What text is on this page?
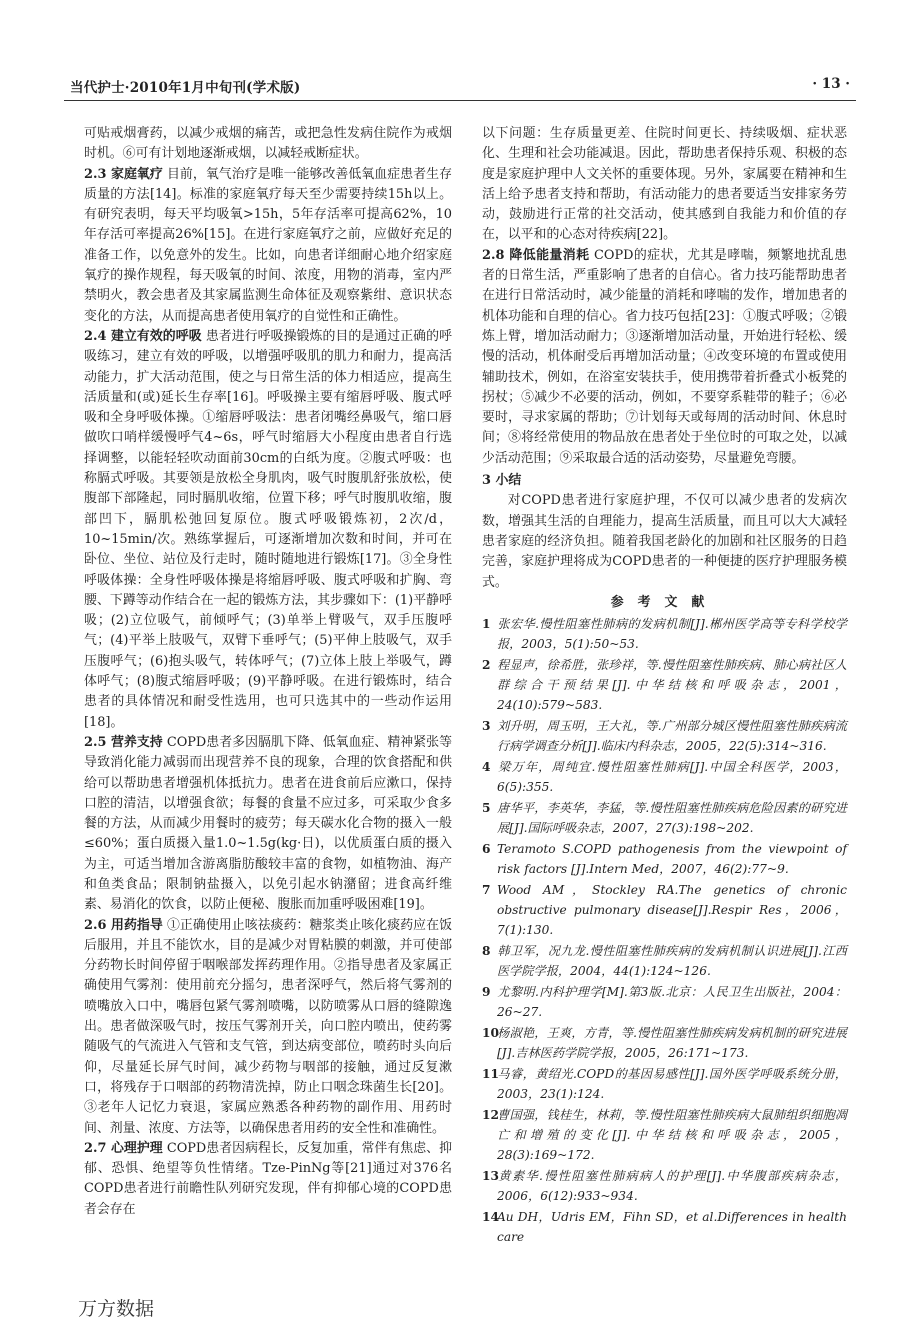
当代护士·2010年1月中旬刊(学术版)	· 13 ·

可贴戒烟膏药，以减少戒烟的痛苦，或把急性发病住院作为戒烟时机。⑥可有计划地逐渐戒烟，以减轻戒断症状。

2.3 家庭氧疗 目前，氧气治疗是唯一能够改善低氧血症患者生存质量的方法[14]。标准的家庭氧疗每天至少需要持续15h以上。有研究表明，每天平均吸氧>15h，5年存活率可提高62%，10年存活可率提高26%[15]。在进行家庭氧疗之前，应做好充足的准备工作，以免意外的发生。比如，向患者详细耐心地介绍家庭氧疗的操作规程，每天吸氧的时间、浓度，用物的消毒，室内严禁明火，教会患者及其家属监测生命体征及观察紫绀、意识状态变化的方法，从而提高患者使用氧疗的自觉性和正确性。

2.4 建立有效的呼吸 患者进行呼吸操锻炼的目的是通过正确的呼吸练习，建立有效的呼吸，以增强呼吸肌的肌力和耐力，提高活动能力，扩大活动范围，使之与日常生活的体力相适应，提高生活质量和(或)延长生存率[16]。呼吸操主要有缩唇呼吸、腹式呼吸和全身呼吸体操。①缩唇呼吸法：患者闭嘴经鼻吸气，缩口唇做吹口哨样缓慢呼气4~6s，呼气时缩唇大小程度由患者自行选择调整，以能轻轻吹动面前30cm的白纸为度。②腹式呼吸：也称膈式呼吸。其要领是放松全身肌肉，吸气时腹肌舒张放松，使腹部下部隆起，同时膈肌收缩，位置下移；呼气时腹肌收缩，腹部凹下，膈肌松弛回复原位。腹式呼吸锻炼初，2次/d，10~15min/次。熟练掌握后，可逐渐增加次数和时间，并可在卧位、坐位、站位及行走时，随时随地进行锻炼[17]。③全身性呼吸体操：全身性呼吸体操是将缩唇呼吸、腹式呼吸和扩胸、弯腰、下蹲等动作结合在一起的锻炼方法，其步骤如下：(1)平静呼吸；(2)立位吸气，前倾呼气；(3)单举上臂吸气，双手压腹呼气；(4)平举上肢吸气，双臂下垂呼气；(5)平伸上肢吸气，双手压腹呼气；(6)抱头吸气，转体呼气；(7)立体上肢上举吸气，蹲体呼气；(8)腹式缩唇呼吸；(9)平静呼吸。在进行锻炼时，结合患者的具体情况和耐受性选用，也可只选其中的一些动作运用[18]。

2.5 营养支持 COPD患者多因膈肌下降、低氧血症、精神紧张等导致消化能力减弱而出现营养不良的现象，合理的饮食搭配和供给可以帮助患者增强机体抵抗力。患者在进食前后应漱口，保持口腔的清洁，以增强食欲；每餐的食量不应过多，可采取少食多餐的方法，从而减少用餐时的疲劳；每天碳水化合物的摄入一般≤60%；蛋白质摄入量1.0~1.5g(kg·日)，以优质蛋白质的摄入为主，可适当增加含游离脂肪酸较丰富的食物，如植物油、海产和鱼类食品；限制钠盐摄入，以免引起水钠潴留；进食高纤维素、易消化的饮食，以防止便秘、腹胀而加重呼吸困难[19]。

2.6 用药指导 ①正确使用止咳祛痰药：糖浆类止咳化痰药应在饭后服用，并且不能饮水，目的是减少对胃粘膜的刺激，并可使部分药物长时间停留于咽喉部发挥药理作用。②指导患者及家属正确使用气雾剂：使用前充分摇匀，患者深呼气，然后将气雾剂的喷嘴放入口中，嘴唇包紧气雾剂喷嘴，以防喷雾从口唇的缝隙逸出。患者做深吸气时，按压气雾剂开关，向口腔内喷出，使药雾随吸气的气流进入气管和支气管，到达病变部位，喷药时头向后仰，尽量延长屏气时间，减少药物与咽部的接触，通过反复漱口，将残存于口咽部的药物清洗掉，防止口咽念珠菌生长[20]。③老年人记忆力衰退，家属应熟悉各种药物的副作用、用药时间、剂量、浓度、方法等，以确保患者用药的安全性和准确性。

2.7 心理护理 COPD患者因病程长，反复加重，常伴有焦虑、抑郁、恐惧、绝望等负性情绪。Tze-PinNg等[21]通过对376名COPD患者进行前瞻性队列研究发现，伴有抑郁心境的COPD患者会存在

以下问题：生存质量更差、住院时间更长、持续吸烟、症状恶化、生理和社会功能减退。因此，帮助患者保持乐观、积极的态度是家庭护理中人文关怀的重要体现。另外，家属要在精神和生活上给予患者支持和帮助，有活动能力的患者要适当安排家务劳动，鼓励进行正常的社交活动，使其感到自我能力和价值的存在，以平和的心态对待疾病[22]。

2.8 降低能量消耗 COPD的症状，尤其是哮喘，频繁地扰乱患者的日常生活，严重影响了患者的自信心。省力技巧能帮助患者在进行日常活动时，减少能量的消耗和哮喘的发作，增加患者的机体功能和自理的信心。省力技巧包括[23]：①腹式呼吸；②锻炼上臂，增加活动耐力；③逐渐增加活动量，开始进行轻松、缓慢的活动，机体耐受后再增加活动量；④改变环境的布置或使用辅助技术，例如，在浴室安装扶手，使用携带着折叠式小板凳的拐杖；⑤减少不必要的活动，例如，不要穿系鞋带的鞋子；⑥必要时，寻求家属的帮助；⑦计划每天或每周的活动时间、休息时间；⑧将经常使用的物品放在患者处于坐位时的可取之处，以减少活动范围；⑨采取最合适的活动姿势，尽量避免弯腰。

3 小结

对COPD患者进行家庭护理，不仅可以减少患者的发病次数，增强其生活的自理能力，提高生活质量，而且可以大大减轻患者家庭的经济负担。随着我国老龄化的加剧和社区服务的日趋完善，家庭护理将成为COPD患者的一种便捷的医疗护理服务模式。

参考文献

1 张宏华.慢性阻塞性肺病的发病机制[J].郴州医学高等专科学校学报，2003，5(1):50~53.
2 程显声，徐希胜，张珍祥，等.慢性阻塞性肺疾病、肺心病社区人群综合干预结果[J].中华结核和呼吸杂志，2001，24(10):579~583.
3 刘升明，周玉明，王大礼，等.广州部分城区慢性阻塞性肺疾病流行病学调查分析[J].临床内科杂志，2005，22(5):314~316.
4 梁万年，周纯宜.慢性阻塞性肺病[J].中国全科医学，2003，6(5):355.
5 唐华平，李英华，李猛，等.慢性阻塞性肺疾病危险因素的研究进展[J].国际呼吸杂志，2007，27(3):198~202.
6 Teramoto S.COPD pathogenesis from the viewpoint of risk factors [J].Intern Med，2007，46(2):77~9.
7 Wood AM，Stockley RA.The genetics of chronic obstructive pulmonary disease[J].Respir Res，2006，7(1):130.
8 韩卫军，况九龙.慢性阻塞性肺疾病的发病机制认识进展[J].江西医学院学报，2004，44(1):124~126.
9 尤黎明.内科护理学[M].第3版.北京：人民卫生出版社，2004：26~27.
10杨淑艳，王爽，方青，等.慢性阻塞性肺疾病发病机制的研究进展[J].吉林医药学院学报，2005，26:171~173.
11马睿，黄绍光.COPD的基因易感性[J].国外医学呼吸系统分册，2003，23(1):124.
12曹国强，钱桂生，林莉，等.慢性阻塞性肺疾病大鼠肺组织细胞凋亡和增殖的变化[J].中华结核和呼吸杂志，2005，28(3):169~172.
13黄素华.慢性阻塞性肺病病人的护理[J].中华腹部疾病杂志，2006，6(12):933~934.
14Au DH，Udris EM，Fihn SD，et al.Differences in health care
万方数据
